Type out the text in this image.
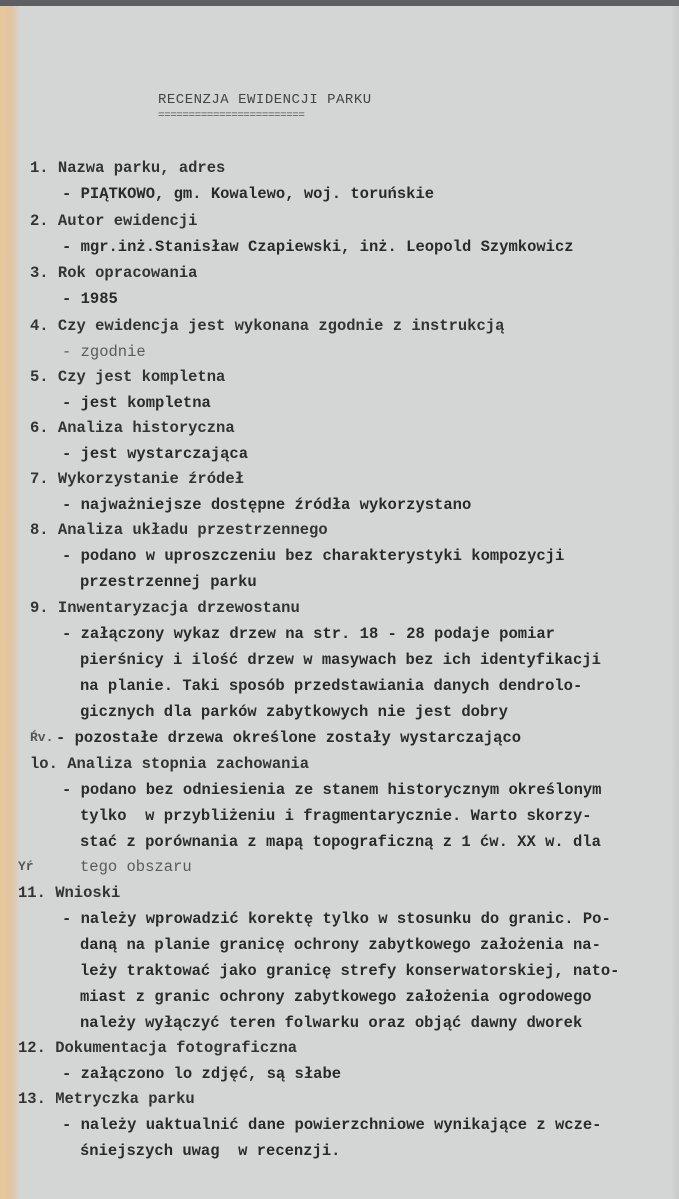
RECENZJA EWIDENCJI PARKU
========================
1. Nazwa parku, adres
- PIĄTKOWO, gm. Kowalewo, woj. toruńskie
2. Autor ewidencji
- mgr.inż.Stanisław Czapiewski, inż. Leopold Szymkowicz
3. Rok opracowania
- 1985
4. Czy ewidencja jest wykonana zgodnie z instrukcją
- zgodnie
5. Czy jest kompletna
- jest kompletna
6. Analiza historyczna
- jest wystarczająca
7. Wykorzystanie źródeł
- najważniejsze dostępne źródła wykorzystano
8. Analiza układu przestrzennego
- podano w uproszczeniu bez charakterystyki kompozycji
przestrzennej parku
9. Inwentaryzacja drzewostanu
- załączony wykaz drzew na str. 18 - 28 podaje pomiar
pierśnicy i ilość drzew w masywach bez ich identyfikacji
na planie. Taki sposób przedstawiania danych dendrolo-
gicznych dla parków zabytkowych nie jest dobry
Ŕv. - pozostałe drzewa określone zostały wystarczająco
lo. Analiza stopnia zachowania
- podano bez odniesienia ze stanem historycznym określonym
tylko  w przybliżeniu i fragmentarycznie. Warto skorzy-
stać z porównania z mapą topograficzną z 1 ćw. XX w. dla
Yŕ	tego obszaru
11. Wnioski
- należy wprowadzić korektę tylko w stosunku do granic. Po-
daną na planie granicę ochrony zabytkowego założenia na-
leży traktować jako granicę strefy konserwatorskiej, nato-
miast z granic ochrony zabytkowego założenia ogrodowego
należy wyłączyć teren folwarku oraz objąć dawny dworek
12. Dokumentacja fotograficzna
- załączono lo zdjęć, są słabe
13. Metryczka parku
- należy uaktualnić dane powierzchniowe wynikające z wcze-
śniejszych uwag  w recenzji.
